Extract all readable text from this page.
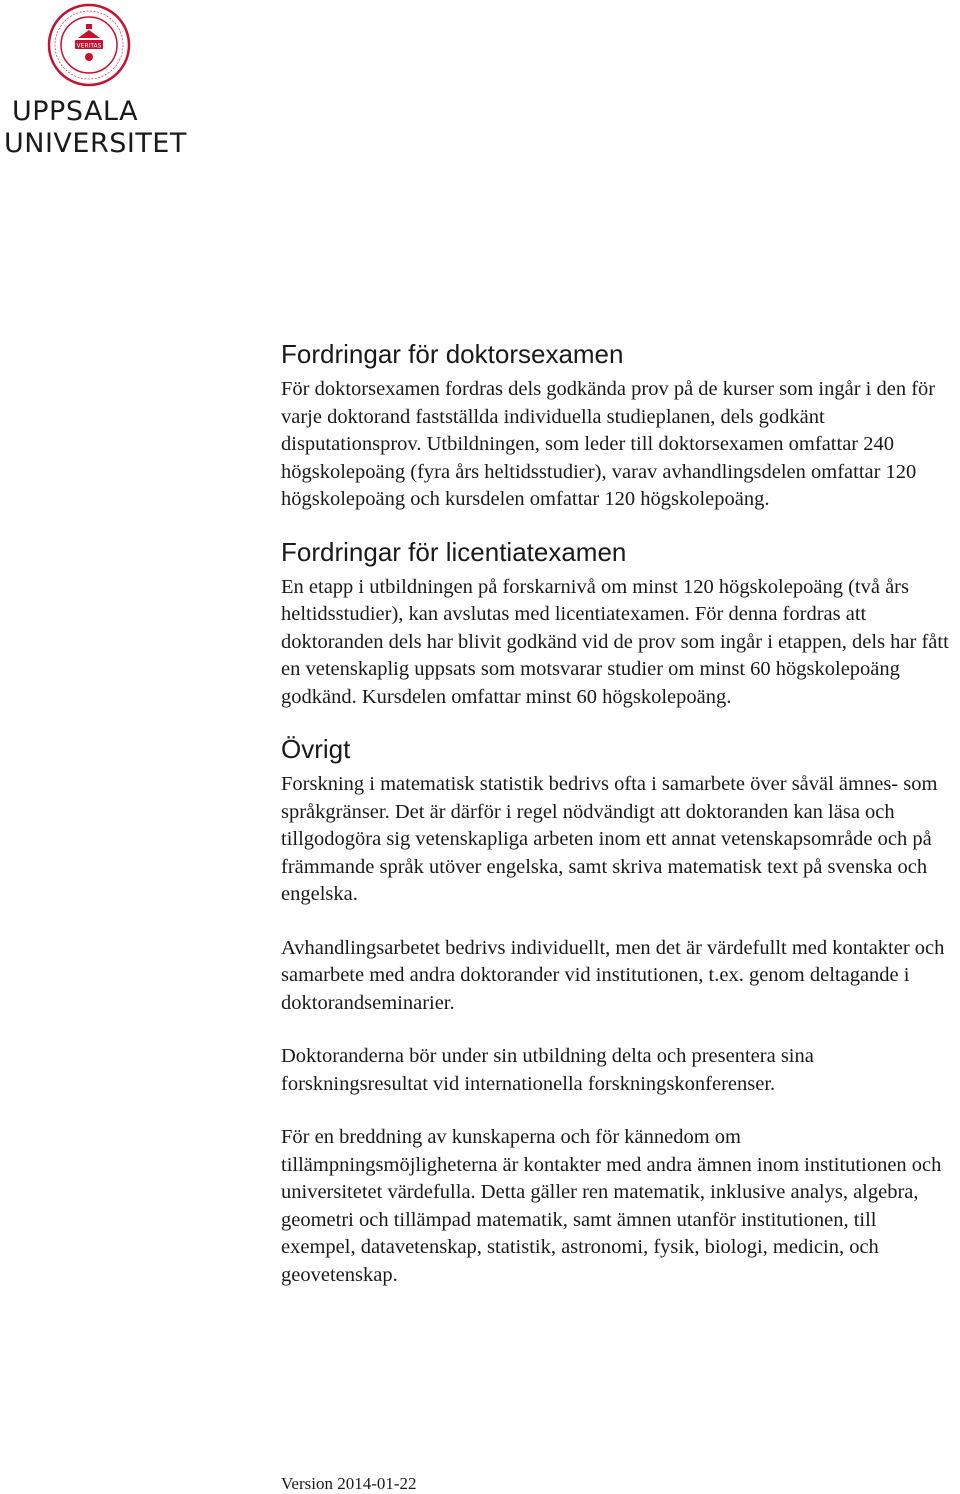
VERITAS
UPPSALA
UNIVERSITET
Fordringar för doktorsexamen

För doktorsexamen fordras dels godkända prov på de kurser som ingår i den för varje doktorand fastställda individuella studieplanen, dels godkänt disputationsprov. Utbildningen, som leder till doktorsexamen omfattar 240 högskolepoäng (fyra års heltidsstudier), varav avhandlingsdelen omfattar 120 högskolepoäng och kursdelen omfattar 120 högskolepoäng.

Fordringar för licentiatexamen

En etapp i utbildningen på forskarnivå om minst 120 högskolepoäng (två års heltidsstudier), kan avslutas med licentiatexamen. För denna fordras att doktoranden dels har blivit godkänd vid de prov som ingår i etappen, dels har fått en vetenskaplig uppsats som motsvarar studier om minst 60 högskolepoäng godkänd. Kursdelen omfattar minst 60 högskolepoäng.

Övrigt

Forskning i matematisk statistik bedrivs ofta i samarbete över såväl ämnes- som språkgränser. Det är därför i regel nödvändigt att doktoranden kan läsa och tillgodogöra sig vetenskapliga arbeten inom ett annat vetenskapsområde och på främmande språk utöver engelska, samt skriva matematisk text på svenska och engelska.

Avhandlingsarbetet bedrivs individuellt, men det är värdefullt med kontakter och samarbete med andra doktorander vid institutionen, t.ex. genom deltagande i doktorandseminarier.

Doktoranderna bör under sin utbildning delta och presentera sina forskningsresultat vid internationella forskningskonferenser.

För en breddning av kunskaperna och för kännedom om tillämpningsmöjligheterna är kontakter med andra ämnen inom institutionen och universitetet värdefulla. Detta gäller ren matematik, inklusive analys, algebra, geometri och tillämpad matematik, samt ämnen utanför institutionen, till exempel, datavetenskap, statistik, astronomi, fysik, biologi, medicin, och geovetenskap.

Version 2014-01-22
